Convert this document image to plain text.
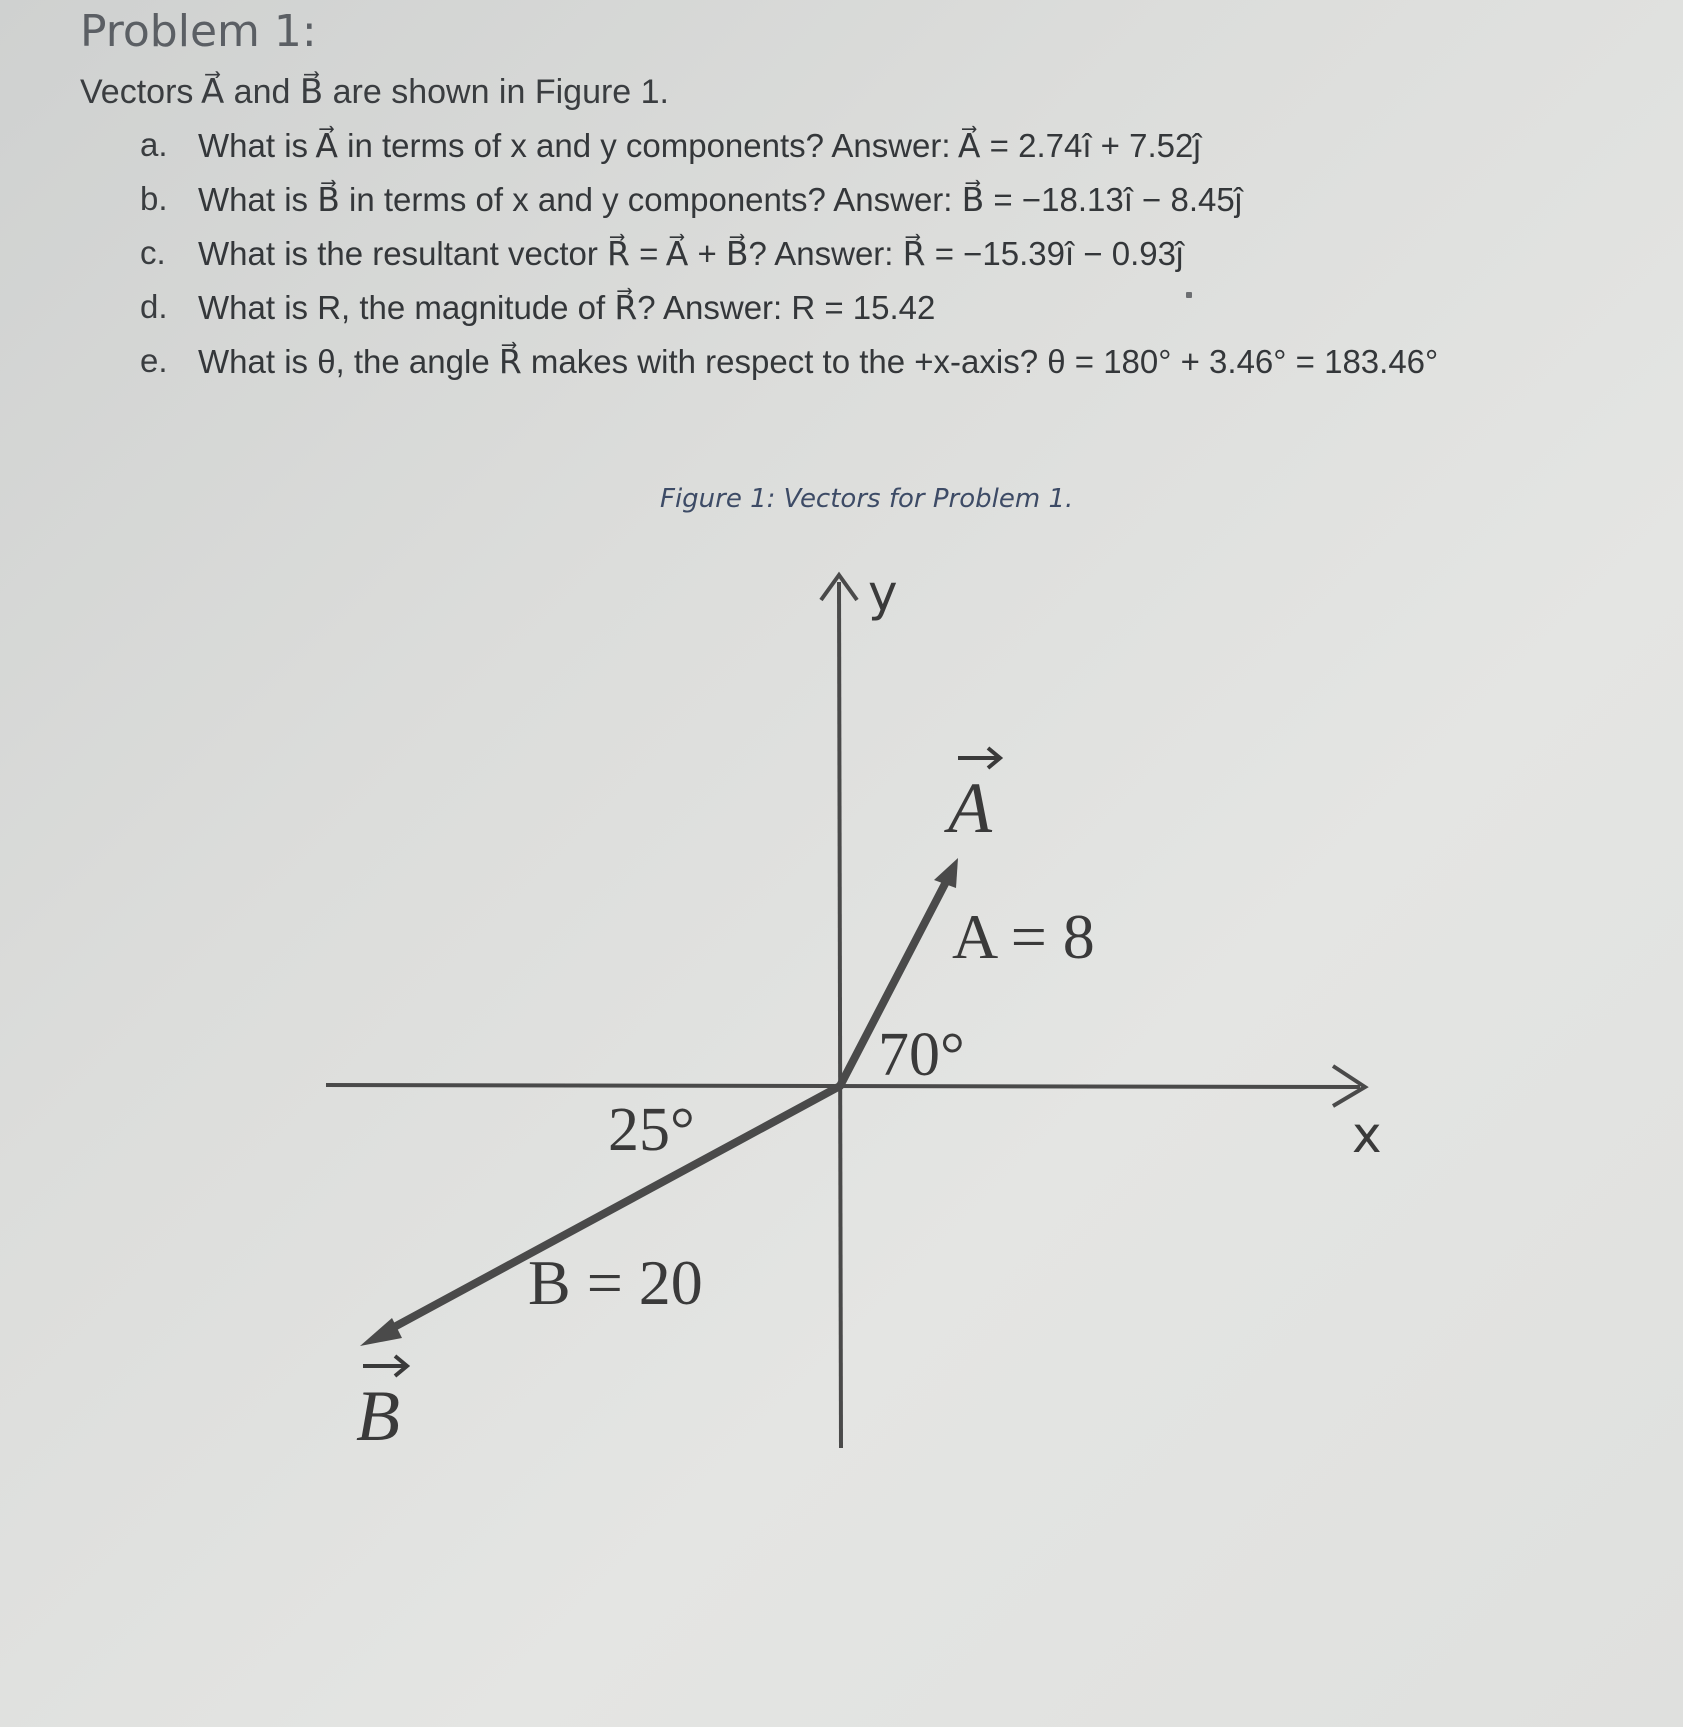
Problem 1:
Vectors A⃗ and B⃗ are shown in Figure 1.
a. What is A⃗ in terms of x and y components? Answer: A⃗ = 2.74î + 7.52ĵ
b. What is B⃗ in terms of x and y components? Answer: B⃗ = −18.13î − 8.45ĵ
c. What is the resultant vector R⃗ = A⃗ + B⃗? Answer: R⃗ = −15.39î − 0.93ĵ
d. What is R, the magnitude of R⃗? Answer: R = 15.42
e. What is θ, the angle R⃗ makes with respect to the +x-axis? θ = 180° + 3.46° = 183.46°
Figure 1: Vectors for Problem 1.
y
x
A
A = 8
70°
B
B = 20
25°
